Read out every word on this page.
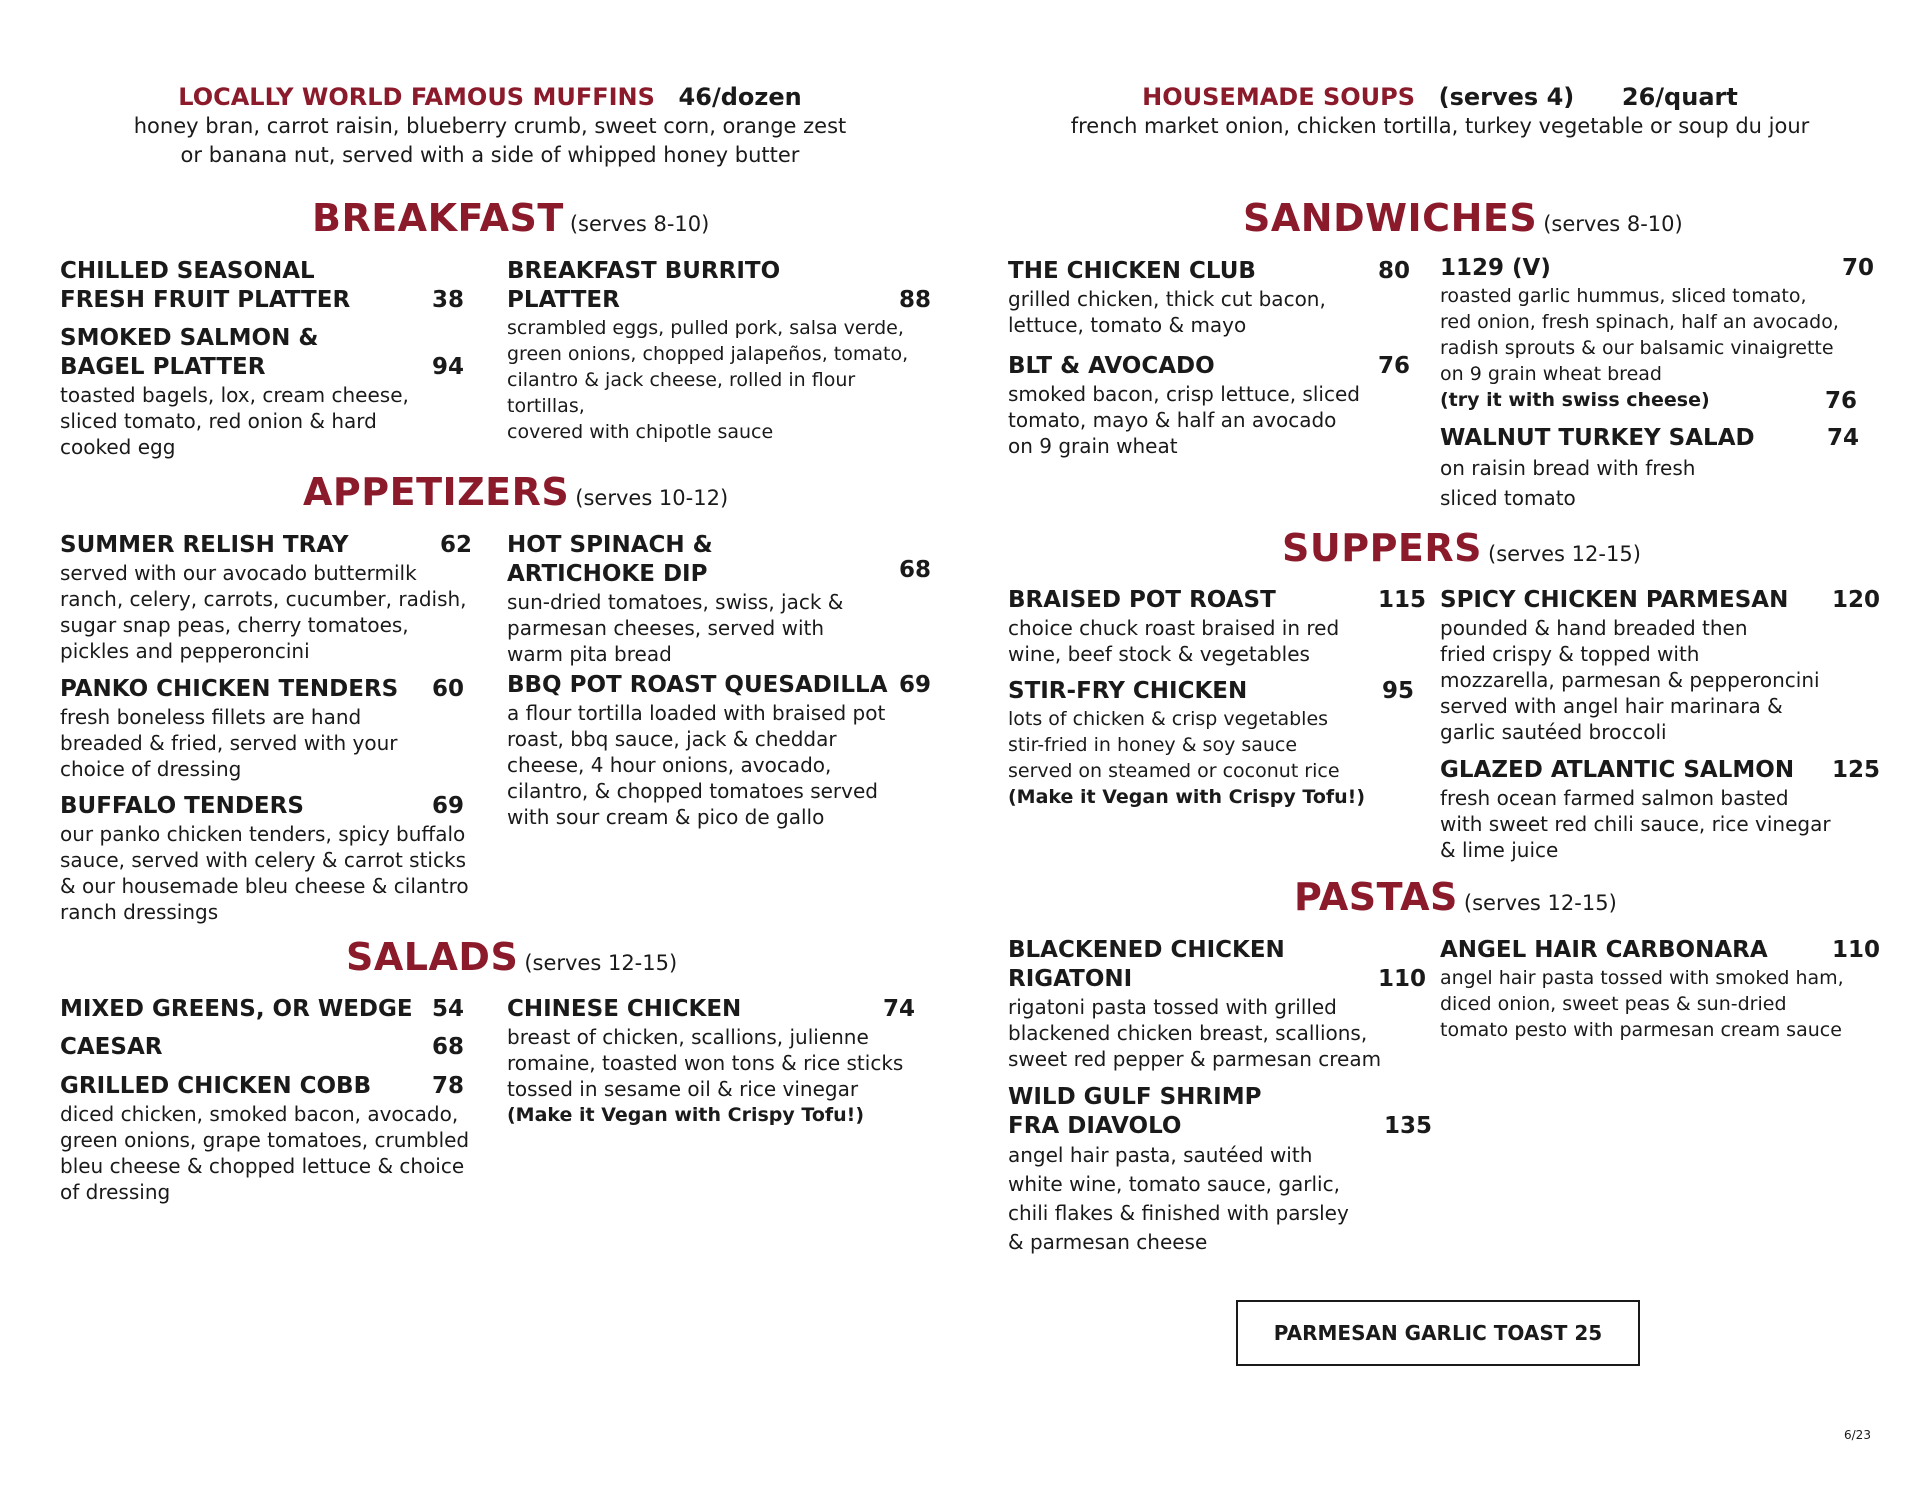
LOCALLY WORLD FAMOUS MUFFINS 46/dozen
honey bran, carrot raisin, blueberry crumb, sweet corn, orange zest
or banana nut, served with a side of whipped honey butter
HOUSEMADE SOUPS (serves 4) 26/quart
french market onion, chicken tortilla, turkey vegetable or soup du jour
BREAKFAST (serves 8-10)
APPETIZERS (serves 10-12)
SALADS (serves 12-15)
SANDWICHES (serves 8-10)
SUPPERS (serves 12-15)
PASTAS (serves 12-15)
CHILLED SEASONAL
FRESH FRUIT PLATTER	38
SMOKED SALMON &
BAGEL PLATTER	94
toasted bagels, lox, cream cheese,
sliced tomato, red onion & hard
cooked egg
BREAKFAST BURRITO
PLATTER	88
scrambled eggs, pulled pork, salsa verde,
green onions, chopped jalapeños, tomato,
cilantro & jack cheese, rolled in flour tortillas,
covered with chipotle sauce
SUMMER RELISH TRAY	62
served with our avocado buttermilk
ranch, celery, carrots, cucumber, radish,
sugar snap peas, cherry tomatoes,
pickles and pepperoncini
PANKO CHICKEN TENDERS	60
fresh boneless fillets are hand
breaded & fried, served with your
choice of dressing
BUFFALO TENDERS	69
our panko chicken tenders, spicy buffalo
sauce, served with celery & carrot sticks
& our housemade bleu cheese & cilantro
ranch dressings
HOT SPINACH &
ARTICHOKE DIP	68
sun-dried tomatoes, swiss, jack &
parmesan cheeses, served with
warm pita bread
BBQ POT ROAST QUESADILLA 69
a flour tortilla loaded with braised pot
roast, bbq sauce, jack & cheddar
cheese, 4 hour onions, avocado,
cilantro, & chopped tomatoes served
with sour cream & pico de gallo
MIXED GREENS, OR WEDGE 54
CAESAR	68
GRILLED CHICKEN COBB	78
diced chicken, smoked bacon, avocado,
green onions, grape tomatoes, crumbled
bleu cheese & chopped lettuce & choice
of dressing
CHINESE CHICKEN	74
breast of chicken, scallions, julienne
romaine, toasted won tons & rice sticks
tossed in sesame oil & rice vinegar
(Make it Vegan with Crispy Tofu!)
THE CHICKEN CLUB	80
grilled chicken, thick cut bacon,
lettuce, tomato & mayo
BLT & AVOCADO	76
smoked bacon, crisp lettuce, sliced
tomato, mayo & half an avocado
on 9 grain wheat
1129 (V)	70
roasted garlic hummus, sliced tomato,
red onion, fresh spinach, half an avocado,
radish sprouts & our balsamic vinaigrette
on 9 grain wheat bread
(try it with swiss cheese)	76
WALNUT TURKEY SALAD	74
on raisin bread with fresh
sliced tomato
BRAISED POT ROAST	115
choice chuck roast braised in red
wine, beef stock & vegetables
STIR-FRY CHICKEN	95
lots of chicken & crisp vegetables
stir-fried in honey & soy sauce
served on steamed or coconut rice
(Make it Vegan with Crispy Tofu!)
SPICY CHICKEN PARMESAN	120
pounded & hand breaded then
fried crispy & topped with
mozzarella, parmesan & pepperoncini
served with angel hair marinara &
garlic sautéed broccoli
GLAZED ATLANTIC SALMON	125
fresh ocean farmed salmon basted
with sweet red chili sauce, rice vinegar
& lime juice
BLACKENED CHICKEN
RIGATONI	110
rigatoni pasta tossed with grilled
blackened chicken breast, scallions,
sweet red pepper & parmesan cream
WILD GULF SHRIMP
FRA DIAVOLO	135
angel hair pasta, sautéed with
white wine, tomato sauce, garlic,
chili flakes & finished with parsley
& parmesan cheese
ANGEL HAIR CARBONARA	110
angel hair pasta tossed with smoked ham,
diced onion, sweet peas & sun-dried
tomato pesto with parmesan cream sauce
PARMESAN GARLIC TOAST 25
6/23
